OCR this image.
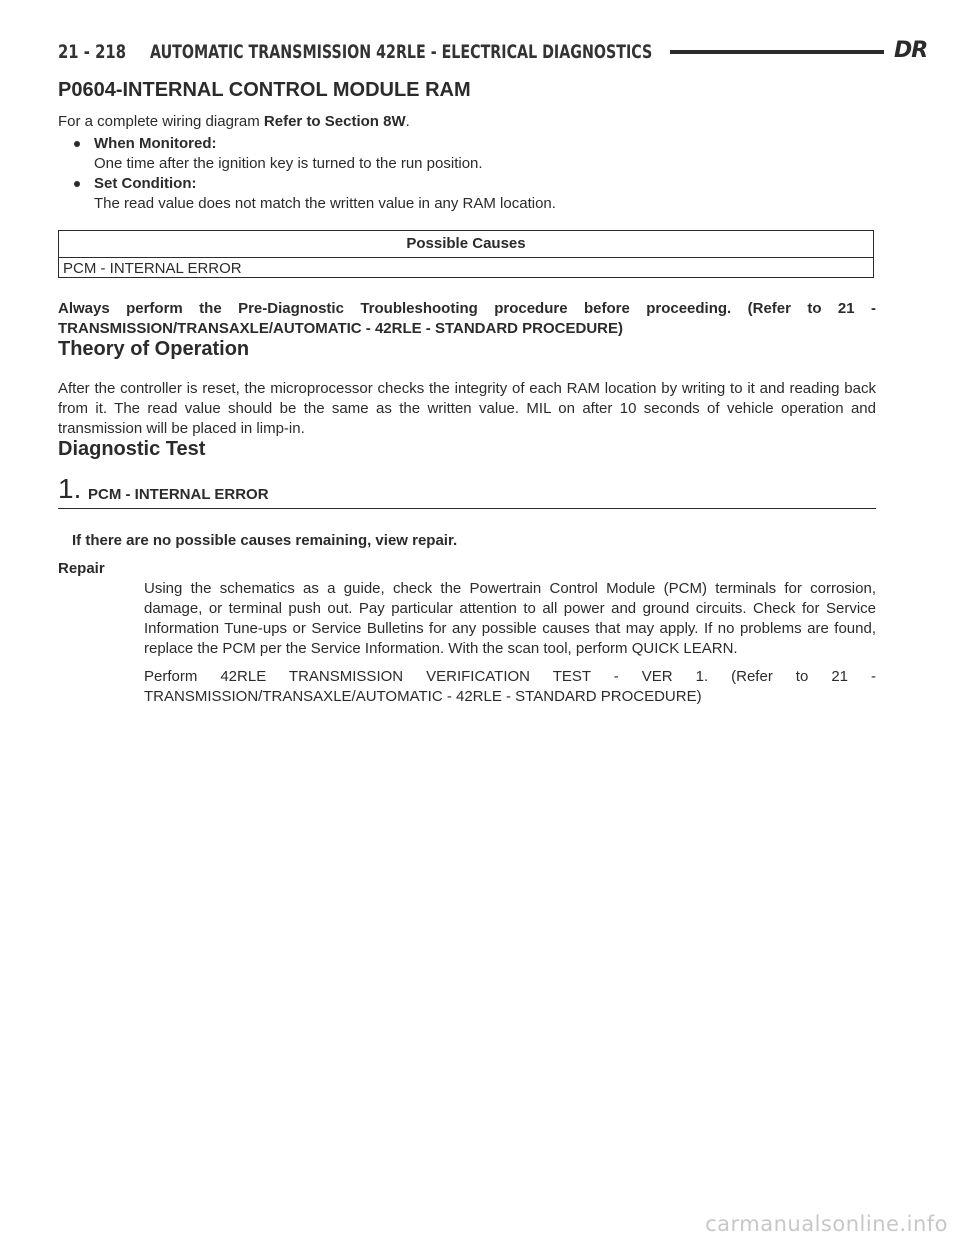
21 - 218 AUTOMATIC TRANSMISSION 42RLE - ELECTRICAL DIAGNOSTICS	DR
P0604-INTERNAL CONTROL MODULE RAM

For a complete wiring diagram Refer to Section 8W.

When Monitored:
One time after the ignition key is turned to the run position.
Set Condition:
The read value does not match the written value in any RAM location.
Possible Causes
PCM - INTERNAL ERROR

Always perform the Pre-Diagnostic Troubleshooting procedure before proceeding. (Refer to 21 - TRANSMISSION/TRANSAXLE/AUTOMATIC - 42RLE - STANDARD PROCEDURE)

Theory of Operation

After the controller is reset, the microprocessor checks the integrity of each RAM location by writing to it and reading back from it. The read value should be the same as the written value. MIL on after 10 seconds of vehicle operation and transmission will be placed in limp-in.

Diagnostic Test
1. PCM - INTERNAL ERROR

If there are no possible causes remaining, view repair.

Repair

Using the schematics as a guide, check the Powertrain Control Module (PCM) terminals for corrosion, damage, or terminal push out. Pay particular attention to all power and ground circuits. Check for Service Information Tune-ups or Service Bulletins for any possible causes that may apply. If no problems are found, replace the PCM per the Service Information. With the scan tool, perform QUICK LEARN.

Perform 42RLE TRANSMISSION VERIFICATION TEST - VER 1. (Refer to 21 - TRANSMISSION/TRANSAXLE/AUTOMATIC - 42RLE - STANDARD PROCEDURE)

carmanualsonline.info
